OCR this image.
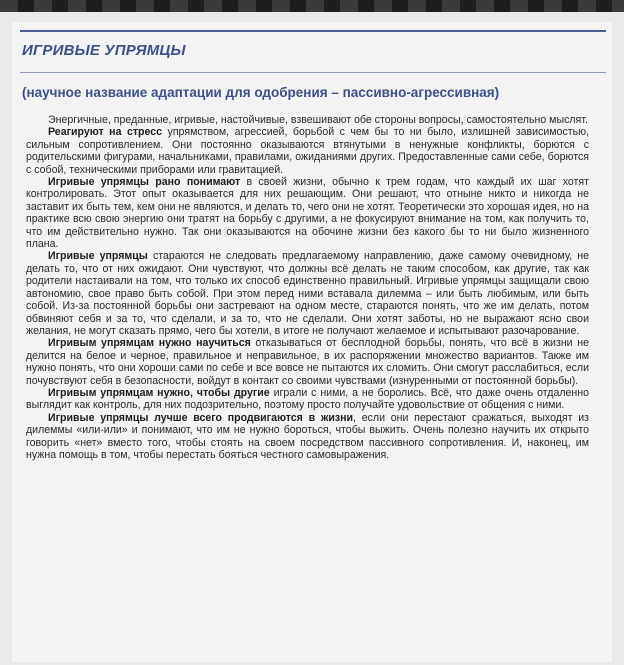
ИГРИВЫЕ УПРЯМЦЫ
(научное название адаптации для одобрения – пассивно-агрессивная)

Энергичные, преданные, игривые, настойчивые, взвешивают обе стороны вопросы, самостоятельно мыслят.

Реагируют на стресс упрямством, агрессией, борьбой с чем бы то ни было, излишней зависимостью, сильным сопротивлением. Они постоянно оказываются втянутыми в ненужные конфликты, борются с родительскими фигурами, начальниками, правилами, ожиданиями других. Предоставленные сами себе, борются с собой, техническими приборами или гравитацией.

Игривые упрямцы рано понимают в своей жизни, обычно к трем годам, что каждый их шаг хотят контролировать. Этот опыт оказывается для них решающим. Они решают, что отныне никто и никогда не заставит их быть тем, кем они не являются, и делать то, чего они не хотят. Теоретически это хорошая идея, но на практике всю свою энергию они тратят на борьбу с другими, а не фокусируют внимание на том, как получить то, что им действительно нужно. Так они оказываются на обочине жизни без какого бы то ни было жизненного плана.

Игривые упрямцы стараются не следовать предлагаемому направлению, даже самому очевидному, не делать то, что от них ожидают. Они чувствуют, что должны всё делать не таким способом, как другие, так как родители настаивали на том, что только их способ единственно правильный. Игривые упрямцы защищали свою автономию, свое право быть собой. При этом перед ними вставала дилемма – или быть любимым, или быть собой. Из-за постоянной борьбы они застревают на одном месте, стараются понять, что же им делать, потом обвиняют себя и за то, что сделали, и за то, что не сделали. Они хотят заботы, но не выражают ясно свои желания, не могут сказать прямо, чего бы хотели, в итоге не получают желаемое и испытывают разочарование.

Игривым упрямцам нужно научиться отказываться от бесплодной борьбы, понять, что всё в жизни не делится на белое и черное, правильное и неправильное, в их распоряжении множество вариантов. Также им нужно понять, что они хороши сами по себе и все вовсе не пытаются их сломить. Они смогут расслабиться, если почувствуют себя в безопасности, войдут в контакт со своими чувствами (изнуренными от постоянной борьбы).

Игривым упрямцам нужно, чтобы другие играли с ними, а не боролись. Всё, что даже очень отдаленно выглядит как контроль, для них подозрительно, поэтому просто получайте удовольствие от общения с ними.

Игривые упрямцы лучше всего продвигаются в жизни, если они перестают сражаться, выходят из дилеммы «или-или» и понимают, что им не нужно бороться, чтобы выжить. Очень полезно научить их открыто говорить «нет» вместо того, чтобы стоять на своем посредством пассивного сопротивления. И, наконец, им нужна помощь в том, чтобы перестать бояться честного самовыражения.
